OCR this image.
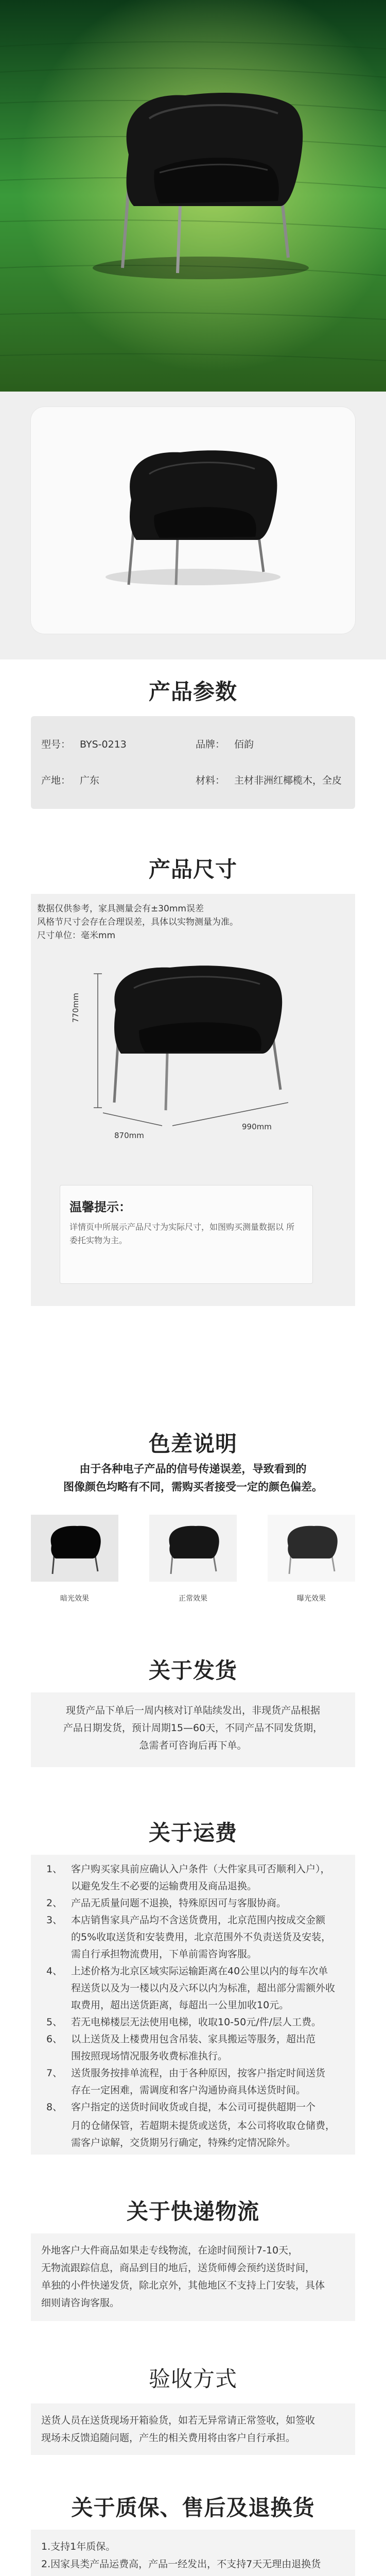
产品参数
型号： BYS-0213	品牌： 佰韵
产地： 广东	材料： 主材非洲红椰榄木，全皮
产品尺寸
数据仅供参考，家具测量会有±30mm误差
风格节尺寸会存在合理误差，具体以实物测量为准。
尺寸单位：毫米mm
770mm
870mm
990mm
温馨提示：
详情页中所展示产品尺寸为实际尺寸，如图购买测量数据以 所委托实物为主。
色差说明
由于各种电子产品的信号传递误差，导致看到的
图像颜色均略有不同，需购买者接受一定的颜色偏差。
暗光效果	正常效果	曝光效果
关于发货
现货产品下单后一周内核对订单陆续发出，非现货产品根据
产品日期发货，预计周期15—60天，不同产品不同发货期，
急需者可咨询后再下单。
关于运费
1、 客户购买家具前应确认入户条件（大件家具可否顺利入户），
以避免发生不必要的运输费用及商品退换。
2、 产品无质量问题不退换，特殊原因可与客服协商。
3、 本店销售家具产品均不含送货费用，北京范围内按成交金额
的5%收取送货和安装费用，北京范围外不负责送货及安装，
需自行承担物流费用，下单前需咨询客服。
4、 上述价格为北京区域实际运输距离在40公里以内的每车次单
程送货以及为一楼以内及六环以内为标准，超出部分需额外收
取费用，超出送货距离，每超出一公里加收10元。
5、 若无电梯楼层无法使用电梯，收取10-50元/件/层人工费。
6、 以上送货及上楼费用包含吊装、家具搬运等服务，超出范
围按照现场情况服务收费标准执行。
7、 送货服务按排单流程，由于各种原因，按客户指定时间送货
存在一定困难，需调度和客户沟通协商具体送货时间。
8、 客户指定的送货时间收货或自提，本公司可提供超期一个
月的仓储保管，若超期未提货或送货，本公司将收取仓储费，
需客户谅解，交货期另行确定，特殊约定情况除外。
关于快递物流
外地客户大件商品如果走专线物流，在途时间预计7-10天，
无物流跟踪信息，商品到目的地后，送货师傅会预约送货时间，
单独的小件快递发货，除北京外，其他地区不支持上门安装，具体
细则请咨询客服。
验收方式
送货人员在送货现场开箱验货，如若无异常请正常签收，如签收
现场未反馈追随问题，产生的相关费用将由客户自行承担。
关于质保、售后及退换货
1.支持1年质保。
2.因家具类产品运费高，产品一经发出，不支持7天无理由退换货
